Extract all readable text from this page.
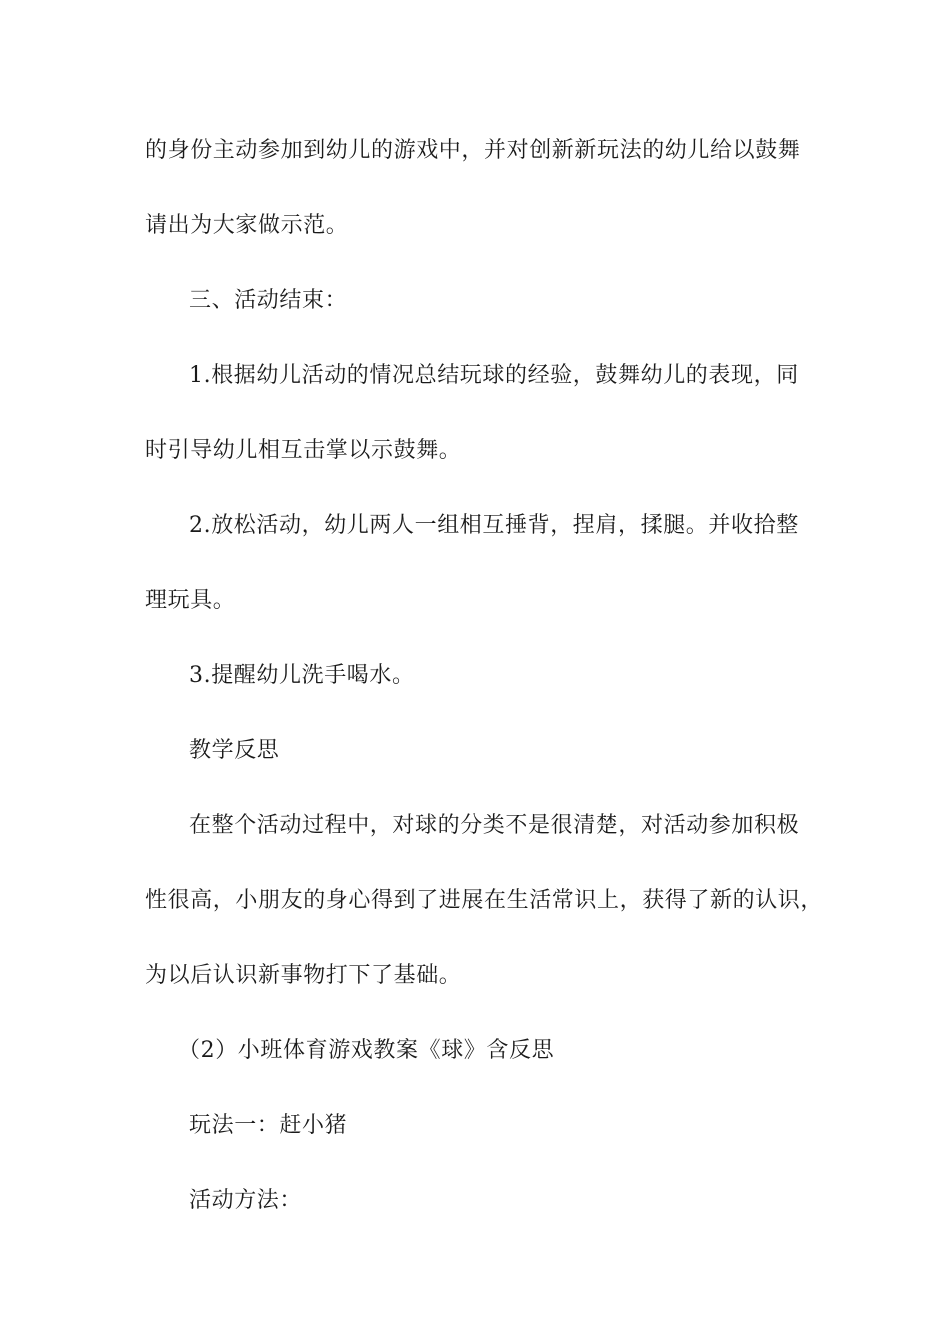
的身份主动参加到幼儿的游戏中，并对创新新玩法的幼儿给以鼓舞
请出为大家做示范。
三、活动结束：
1.根据幼儿活动的情况总结玩球的经验，鼓舞幼儿的表现，同
时引导幼儿相互击掌以示鼓舞。
2.放松活动，幼儿两人一组相互捶背，捏肩，揉腿。并收拾整
理玩具。
3.提醒幼儿洗手喝水。
教学反思
在整个活动过程中，对球的分类不是很清楚，对活动参加积极
性很高，小朋友的身心得到了进展在生活常识上，获得了新的认识，
为以后认识新事物打下了基础。
（2）小班体育游戏教案《球》含反思
玩法一：赶小猪
活动方法：
